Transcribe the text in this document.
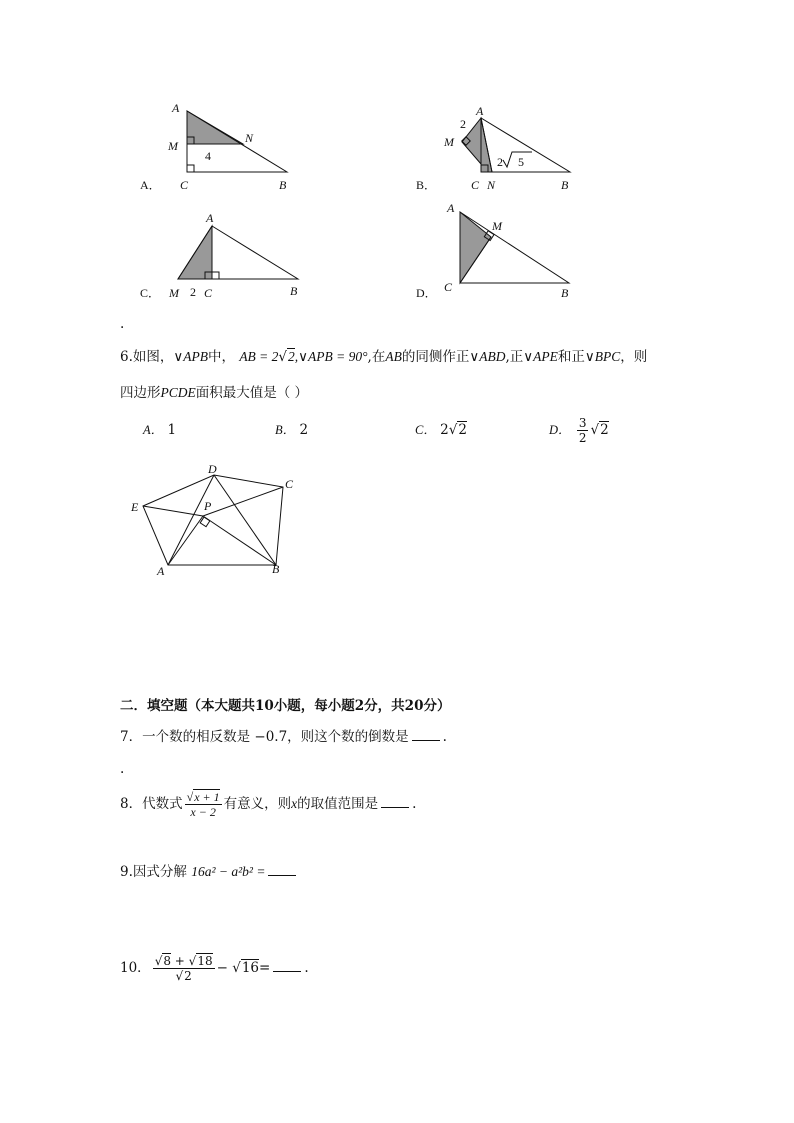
A
M
N
C	B
4
A．
A
M
2
2 5
C N	B
B．
A
M 2 C	B
C．
A
M
C	B
D．
.
6.如图，∨APB中， AB = 2√2,∨APB = 90°,在AB的同侧作正∨ABD,正∨APE和正∨BPC，则
四边形PCDE面积最大值是（ ）
A． 1	B． 2	C． 2√2	D． $\frac{3}{2} √2$
D
C
E	P
A	B
二．填空题（本大题共10小题，每小题2分，共20分）
7．一个数的相反数是 −0.7，则这个数的倒数是	.
.
8．代数式 $\frac{√x + 1}{x - 2}$ 有意义，则x的取值范围是	.
9.因式分解 16a² − a²b² =
10． $\frac{√8 + √18}{√2} - √16=$	.
